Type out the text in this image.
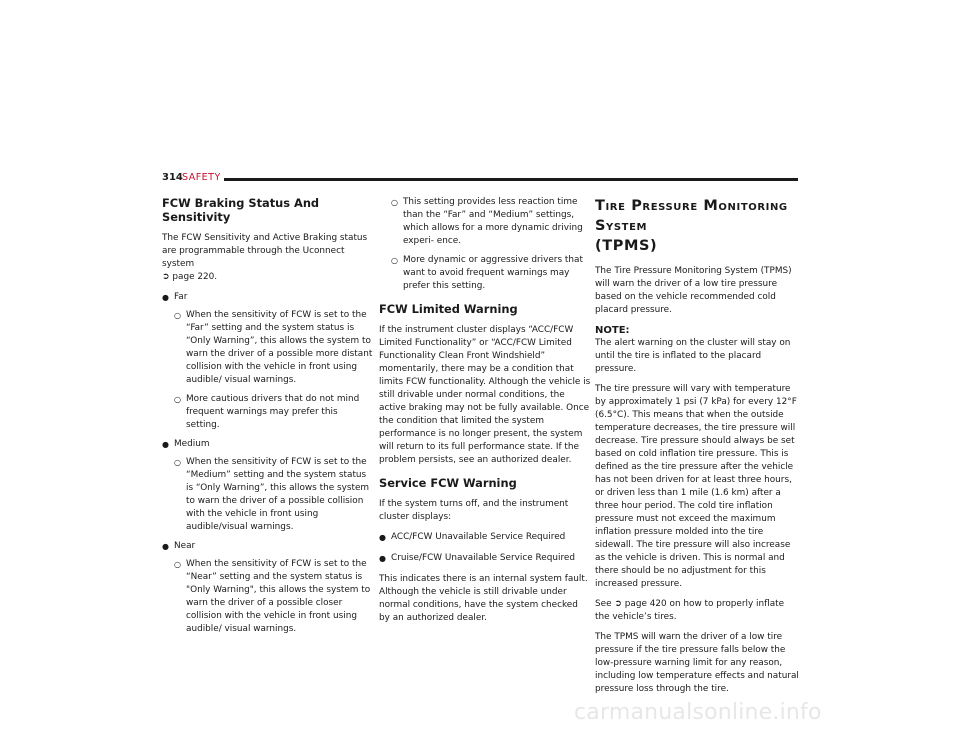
314 SAFETY
FCW Braking Status And Sensitivity

The FCW Sensitivity and Active Braking status are programmable through the Uconnect system
➲ page 220.

● Far
○ When the sensitivity of FCW is set to the “Far” setting and the system status is “Only Warning”, this allows the system to warn the driver of a possible more distant collision with the vehicle in front using audible/ visual warnings.
○ More cautious drivers that do not mind frequent warnings may prefer this setting.
● Medium
○ When the sensitivity of FCW is set to the “Medium” setting and the system status is “Only Warning”, this allows the system to warn the driver of a possible collision with the vehicle in front using audible/visual warnings.
● Near
○ When the sensitivity of FCW is set to the “Near” setting and the system status is "Only Warning", this allows the system to warn the driver of a possible closer collision with the vehicle in front using audible/ visual warnings.
○ This setting provides less reaction time than the “Far” and “Medium” settings, which allows for a more dynamic driving experi- ence.
○ More dynamic or aggressive drivers that want to avoid frequent warnings may prefer this setting.
FCW Limited Warning

If the instrument cluster displays “ACC/FCW Limited Functionality” or “ACC/FCW Limited Functionality Clean Front Windshield” momentarily, there may be a condition that limits FCW functionality. Although the vehicle is still drivable under normal conditions, the active braking may not be fully available. Once the condition that limited the system performance is no longer present, the system will return to its full performance state. If the problem persists, see an authorized dealer.

Service FCW Warning

If the system turns off, and the instrument cluster displays:

● ACC/FCW Unavailable Service Required
● Cruise/FCW Unavailable Service Required

This indicates there is an internal system fault. Although the vehicle is still drivable under normal conditions, have the system checked by an authorized dealer.

Tire Pressure Monitoring System
(TPMS)

The Tire Pressure Monitoring System (TPMS) will warn the driver of a low tire pressure based on the vehicle recommended cold placard pressure.

NOTE:

The alert warning on the cluster will stay on until the tire is inflated to the placard pressure.

The tire pressure will vary with temperature by approximately 1 psi (7 kPa) for every 12°F (6.5°C). This means that when the outside temperature decreases, the tire pressure will decrease. Tire pressure should always be set based on cold inflation tire pressure. This is defined as the tire pressure after the vehicle has not been driven for at least three hours, or driven less than 1 mile (1.6 km) after a three hour period. The cold tire inflation pressure must not exceed the maximum inflation pressure molded into the tire sidewall. The tire pressure will also increase as the vehicle is driven. This is normal and there should be no adjustment for this increased pressure.

See ➲ page 420 on how to properly inflate the vehicle’s tires.

The TPMS will warn the driver of a low tire pressure if the tire pressure falls below the low-pressure warning limit for any reason, including low temperature effects and natural pressure loss through the tire.

carmanualsonline.info
